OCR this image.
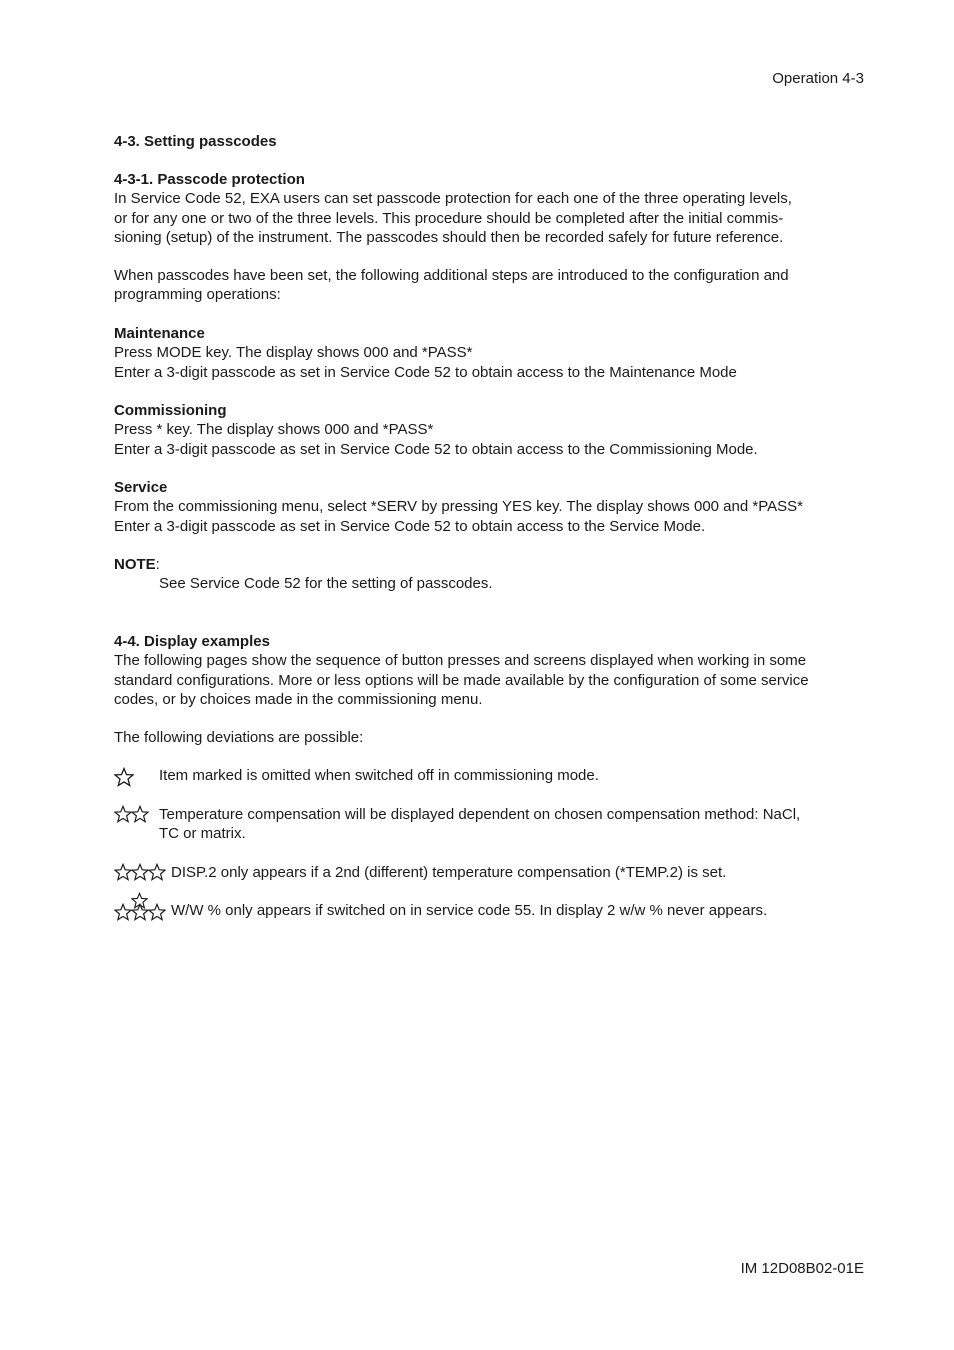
Operation 4-3

4-3. Setting passcodes

4-3-1. Passcode protection

In Service Code 52, EXA users can set passcode protection for each one of the three operating levels,

or for any one or two of the three levels. This procedure should be completed after the initial commis-

sioning (setup) of the instrument. The passcodes should then be recorded safely for future reference.

When passcodes have been set, the following additional steps are introduced to the configuration and

programming operations:

Maintenance

Press MODE key. The display shows 000 and *PASS*

Enter a 3-digit passcode as set in Service Code 52 to obtain access to the Maintenance Mode

Commissioning

Press * key. The display shows 000 and *PASS*

Enter a 3-digit passcode as set in Service Code 52 to obtain access to the Commissioning Mode.

Service

From the commissioning menu, select *SERV by pressing YES key. The display shows 000 and *PASS*

Enter a 3-digit passcode as set in Service Code 52 to obtain access to the Service Mode.

NOTE:

See Service Code 52 for the setting of passcodes.

4-4. Display examples

The following pages show the sequence of button presses and screens displayed when working in some

standard configurations. More or less options will be made available by the configuration of some service

codes, or by choices made in the commissioning menu.

The following deviations are possible:

Item marked is omitted when switched off in commissioning mode.

Temperature compensation will be displayed dependent on chosen compensation method: NaCl,

TC or matrix.

DISP.2 only appears if a 2nd (different) temperature compensation (*TEMP.2) is set.

W/W % only appears if switched on in service code 55. In display 2 w/w % never appears.

IM 12D08B02-01E
